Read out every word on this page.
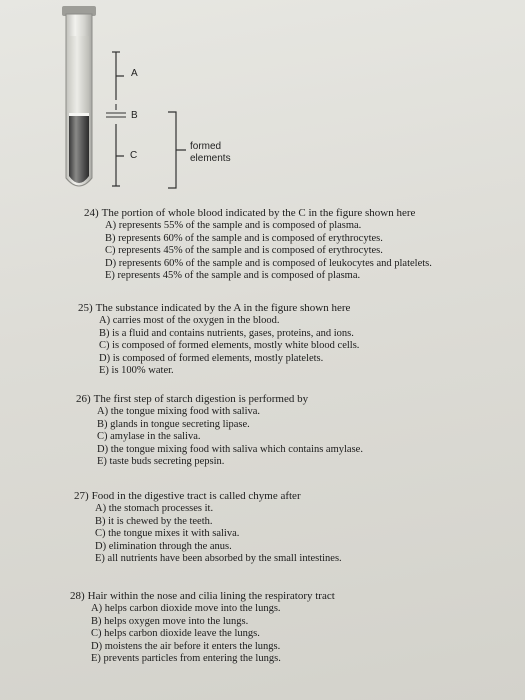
A
B
C
formed
elements

24) The portion of whole blood indicated by the C in the figure shown here

A) represents 55% of the sample and is composed of plasma.
B) represents 60% of the sample and is composed of erythrocytes.
C) represents 45% of the sample and is composed of erythrocytes.
D) represents 60% of the sample and is composed of leukocytes and platelets.
E) represents 45% of the sample and is composed of plasma.

25) The substance indicated by the A in the figure shown here

A) carries most of the oxygen in the blood.
B) is a fluid and contains nutrients, gases, proteins, and ions.
C) is composed of formed elements, mostly white blood cells.
D) is composed of formed elements, mostly platelets.
E) is 100% water.

26) The first step of starch digestion is performed by

A) the tongue mixing food with saliva.
B) glands in tongue secreting lipase.
C) amylase in the saliva.
D) the tongue mixing food with saliva which contains amylase.
E) taste buds secreting pepsin.

27) Food in the digestive tract is called chyme after

A) the stomach processes it.
B) it is chewed by the teeth.
C) the tongue mixes it with saliva.
D) elimination through the anus.
E) all nutrients have been absorbed by the small intestines.

28) Hair within the nose and cilia lining the respiratory tract

A) helps carbon dioxide move into the lungs.
B) helps oxygen move into the lungs.
C) helps carbon dioxide leave the lungs.
D) moistens the air before it enters the lungs.
E) prevents particles from entering the lungs.
